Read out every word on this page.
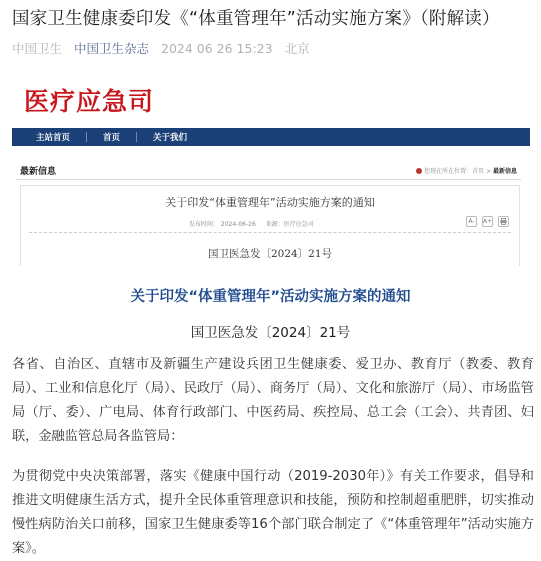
国家卫生健康委印发《“体重管理年”活动实施方案》（附解读）
中国卫生 中国卫生杂志 2024 06 26 15:23 北京
医疗应急司
主站首页	首页	关于我们
最新信息	您现在所在位置：首页 > 最新信息
关于印发“体重管理年”活动实施方案的通知
发布时间： 2024-06-26 来源：医疗应急司	A-	A+
国卫医急发〔2024〕21号
关于印发“体重管理年”活动实施方案的通知
国卫医急发〔2024〕21号
各省、自治区、直辖市及新疆生产建设兵团卫生健康委、爱卫办、教育厅（教委、教育局）、工业和信息化厅（局）、民政厅（局）、商务厅（局）、文化和旅游厅（局）、市场监管局（厅、委）、广电局、体育行政部门、中医药局、疾控局、总工会（工会）、共青团、妇联，金融监管总局各监管局：
为贯彻党中央决策部署，落实《健康中国行动（2019-2030年）》有关工作要求，倡导和推进文明健康生活方式，提升全民体重管理意识和技能，预防和控制超重肥胖，切实推动慢性病防治关口前移，国家卫生健康委等16个部门联合制定了《“体重管理年”活动实施方案》。
